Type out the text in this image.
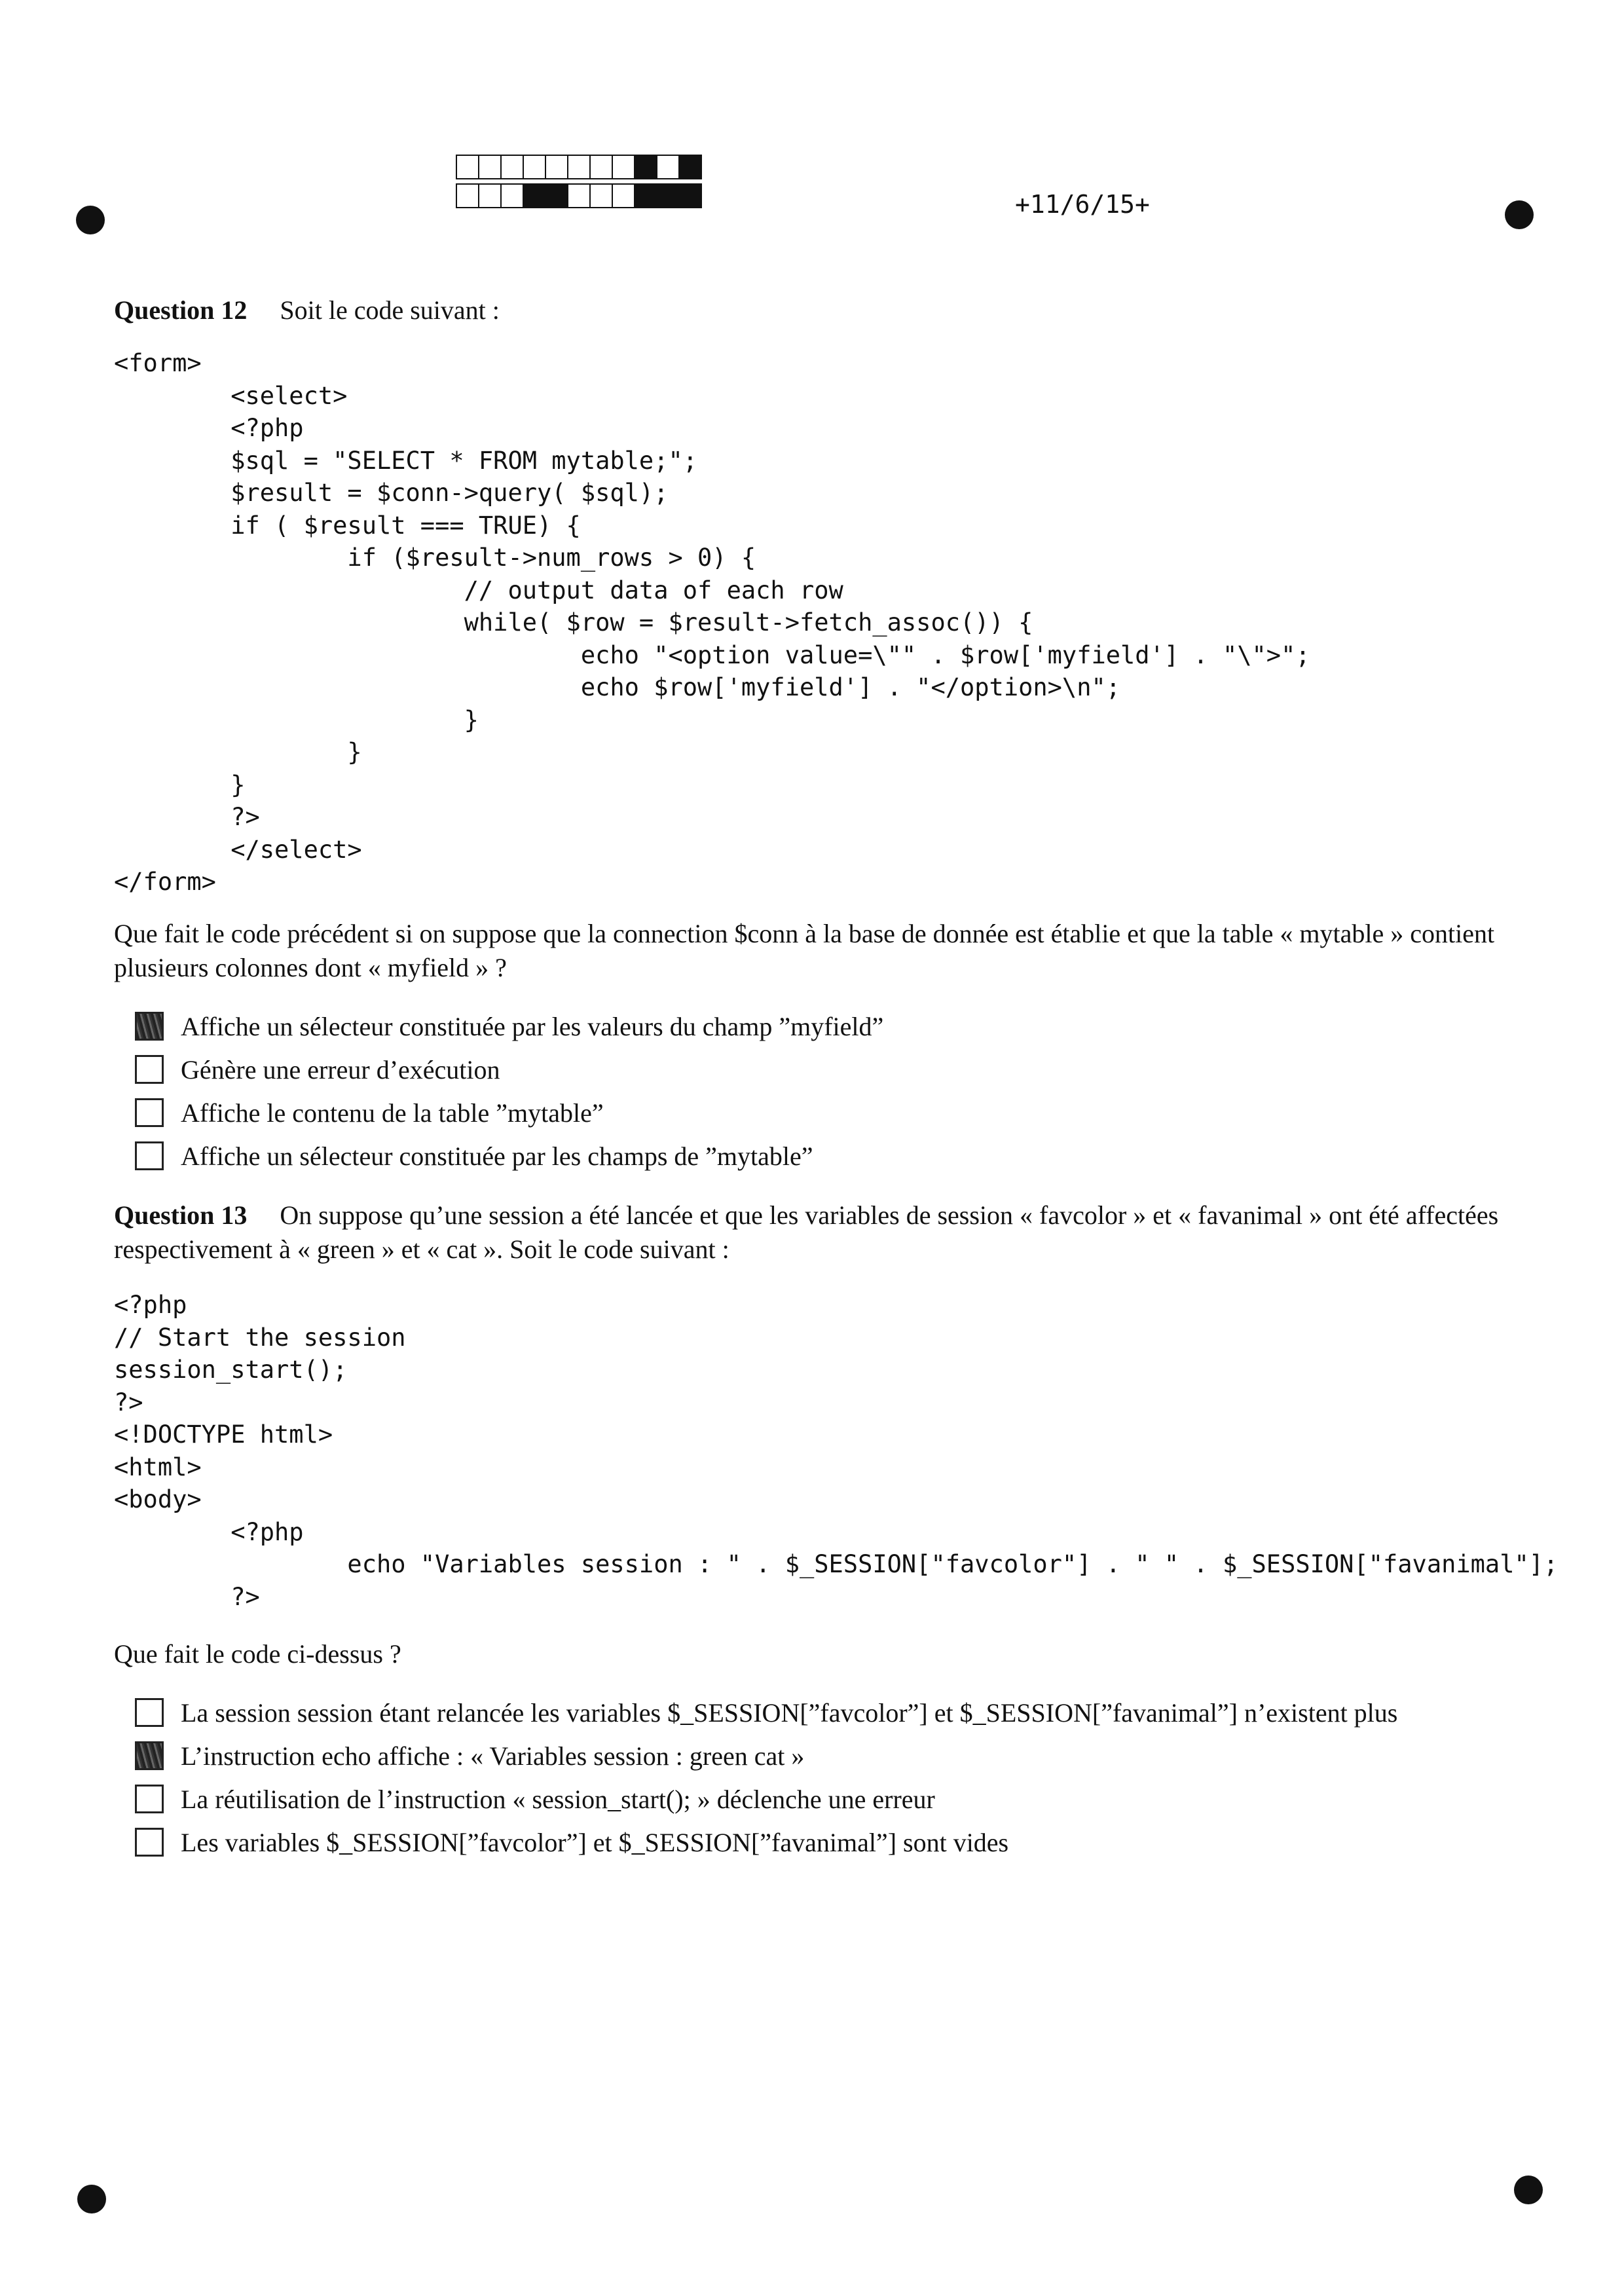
+11/6/15+
Question 12 Soit le code suivant :
<form>
<select>
<?php
$sql = "SELECT * FROM mytable;";
$result = $conn->query( $sql);
if ( $result === TRUE) {
if ($result->num_rows > 0) {
// output data of each row
while( $row = $result->fetch_assoc()) {
echo "<option value=\"" . $row['myfield'] . "\">";
echo $row['myfield'] . "</option>\n";
}
}
}
?>
</select>
</form>
Que fait le code précédent si on suppose que la connection $conn à la base de donnée est établie et que la table « mytable » contient plusieurs colonnes dont « myfield » ?
Affiche un sélecteur constituée par les valeurs du champ ”myfield”
Génère une erreur d’exécution
Affiche le contenu de la table ”mytable”
Affiche un sélecteur constituée par les champs de ”mytable”
Question 13 On suppose qu’une session a été lancée et que les variables de session « favcolor » et « favanimal » ont été affectées respectivement à « green » et « cat ». Soit le code suivant :
<?php
// Start the session
session_start();
?>
<!DOCTYPE html>
<html>
<body>
<?php
echo "Variables session : " . $_SESSION["favcolor"] . " " . $_SESSION["favanimal"];
?>
Que fait le code ci-dessus ?
La session session étant relancée les variables $_SESSION[”favcolor”] et $_SESSION[”favanimal”] n’existent plus
L’instruction echo affiche : « Variables session : green cat »
La réutilisation de l’instruction « session_start(); » déclenche une erreur
Les variables $_SESSION[”favcolor”] et $_SESSION[”favanimal”] sont vides
